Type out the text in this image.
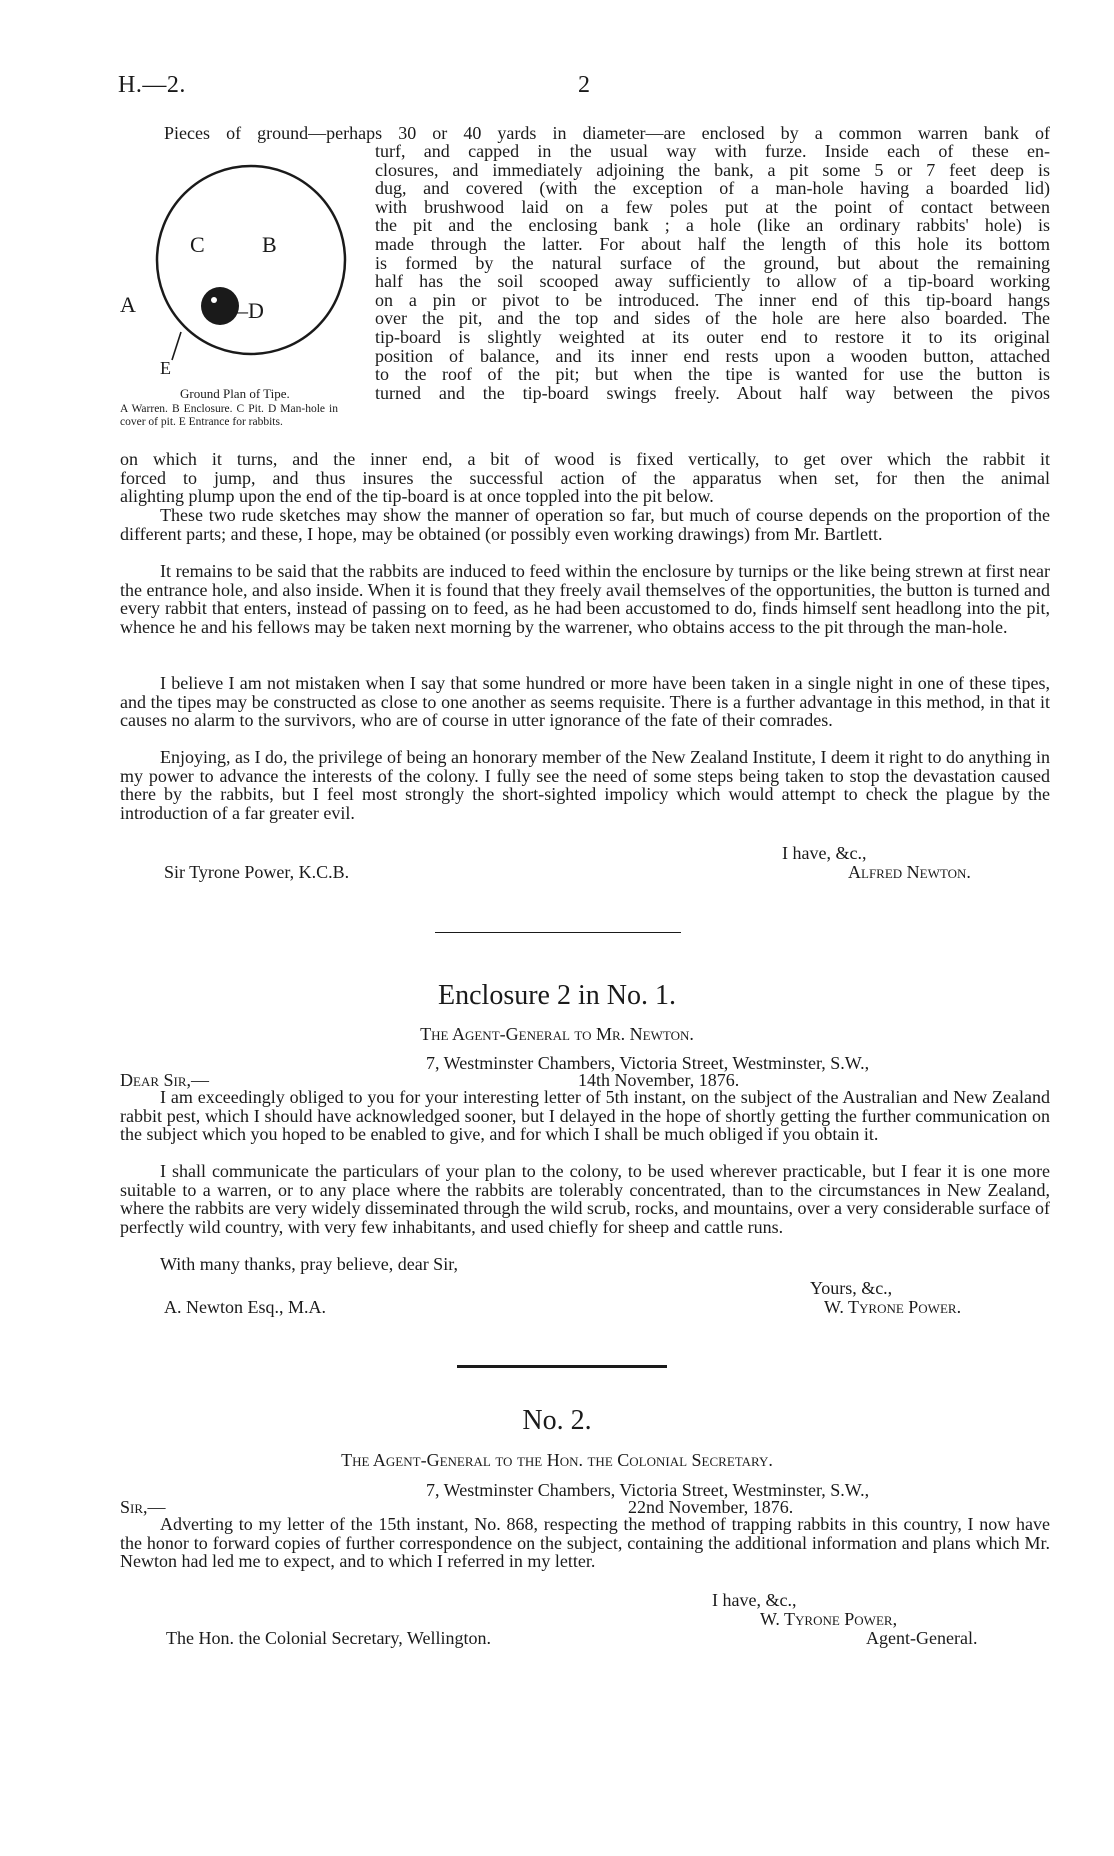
H.—2.	2
C	B
A	–D
E
Ground Plan of Tipe.
A Warren. B Enclosure. C Pit. D Man-hole in cover of pit. E Entrance for rabbits.
Pieces of ground—perhaps 30 or 40 yards in diameter—are enclosed by a common warren bank of
turf, and capped in the usual way with furze. Inside each of these en-
closures, and immediately adjoining the bank, a pit some 5 or 7 feet deep is
dug, and covered (with the exception of a man-hole having a boarded lid)
with brushwood laid on a few poles put at the point of contact between
the pit and the enclosing bank ; a hole (like an ordinary rabbits' hole) is
made through the latter. For about half the length of this hole its bottom
is formed by the natural surface of the ground, but about the remaining
half has the soil scooped away sufficiently to allow of a tip-board working
on a pin or pivot to be introduced. The inner end of this tip-board hangs
over the pit, and the top and sides of the hole are here also boarded. The
tip-board is slightly weighted at its outer end to restore it to its original
position of balance, and its inner end rests upon a wooden button, attached
to the roof of the pit; but when the tipe is wanted for use the button is
turned and the tip-board swings freely. About half way between the pivos
on which it turns, and the inner end, a bit of wood is fixed vertically, to get over which the rabbit it
forced to jump, and thus insures the successful action of the apparatus when set, for then the animal
alighting plump upon the end of the tip-board is at once toppled into the pit below.
These two rude sketches may show the manner of operation so far, but much of course depends on the proportion of the different parts; and these, I hope, may be obtained (or possibly even working drawings) from Mr. Bartlett.
It remains to be said that the rabbits are induced to feed within the enclosure by turnips or the like being strewn at first near the entrance hole, and also inside. When it is found that they freely avail themselves of the opportunities, the button is turned and every rabbit that enters, instead of passing on to feed, as he had been accustomed to do, finds himself sent headlong into the pit, whence he and his fellows may be taken next morning by the warrener, who obtains access to the pit through the man-hole.
I believe I am not mistaken when I say that some hundred or more have been taken in a single night in one of these tipes, and the tipes may be constructed as close to one another as seems requisite. There is a further advantage in this method, in that it causes no alarm to the survivors, who are of course in utter ignorance of the fate of their comrades.
Enjoying, as I do, the privilege of being an honorary member of the New Zealand Institute, I deem it right to do anything in my power to advance the interests of the colony. I fully see the need of some steps being taken to stop the devastation caused there by the rabbits, but I feel most strongly the short-sighted impolicy which would attempt to check the plague by the introduction of a far greater evil.
I have, &c.,
Sir Tyrone Power, K.C.B.	Alfred Newton.
Enclosure 2 in No. 1.
The Agent-General to Mr. Newton.
7, Westminster Chambers, Victoria Street, Westminster, S.W.,
Dear Sir,—	14th November, 1876.
I am exceedingly obliged to you for your interesting letter of 5th instant, on the subject of the Australian and New Zealand rabbit pest, which I should have acknowledged sooner, but I delayed in the hope of shortly getting the further communication on the subject which you hoped to be enabled to give, and for which I shall be much obliged if you obtain it.
I shall communicate the particulars of your plan to the colony, to be used wherever practicable, but I fear it is one more suitable to a warren, or to any place where the rabbits are tolerably concentrated, than to the circumstances in New Zealand, where the rabbits are very widely disseminated through the wild scrub, rocks, and mountains, over a very considerable surface of perfectly wild country, with very few inhabitants, and used chiefly for sheep and cattle runs.
With many thanks, pray believe, dear Sir,
Yours, &c.,
A. Newton Esq., M.A.	W. Tyrone Power.
No. 2.
The Agent-General to the Hon. the Colonial Secretary.
7, Westminster Chambers, Victoria Street, Westminster, S.W.,
Sir,—	22nd November, 1876.
Adverting to my letter of the 15th instant, No. 868, respecting the method of trapping rabbits in this country, I now have the honor to forward copies of further correspondence on the subject, containing the additional information and plans which Mr. Newton had led me to expect, and to which I referred in my letter.
I have, &c.,
W. Tyrone Power,
The Hon. the Colonial Secretary, Wellington.	Agent-General.
